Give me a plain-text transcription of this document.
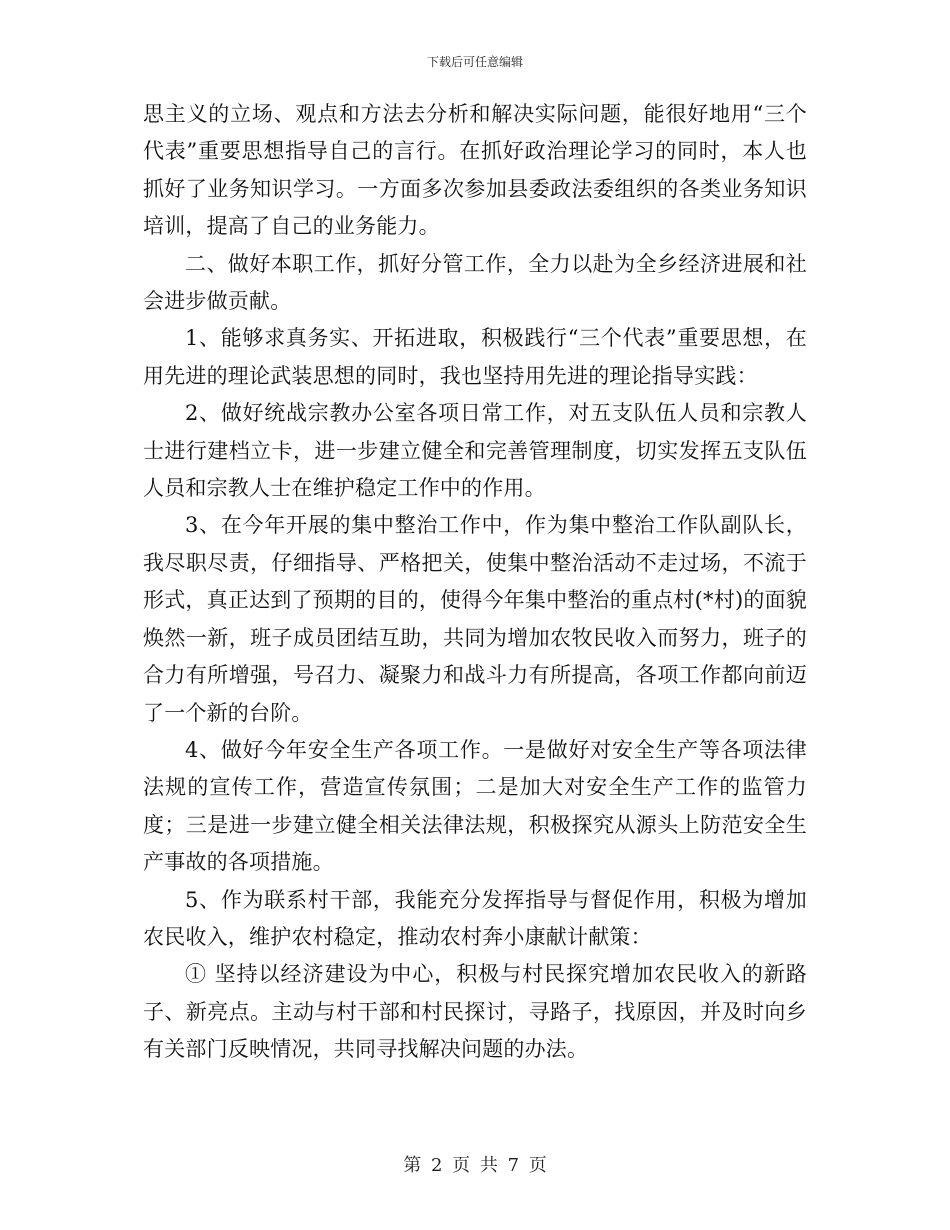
下载后可任意编辑

思主义的立场、观点和方法去分析和解决实际问题，能很好地用“三个代表”重要思想指导自己的言行。在抓好政治理论学习的同时，本人也抓好了业务知识学习。一方面多次参加县委政法委组织的各类业务知识培训，提高了自己的业务能力。

二、做好本职工作，抓好分管工作，全力以赴为全乡经济进展和社会进步做贡献。

1、能够求真务实、开拓进取，积极践行“三个代表”重要思想，在用先进的理论武装思想的同时，我也坚持用先进的理论指导实践：

2、做好统战宗教办公室各项日常工作，对五支队伍人员和宗教人士进行建档立卡，进一步建立健全和完善管理制度，切实发挥五支队伍人员和宗教人士在维护稳定工作中的作用。

3、在今年开展的集中整治工作中，作为集中整治工作队副队长，我尽职尽责，仔细指导、严格把关，使集中整治活动不走过场，不流于形式，真正达到了预期的目的，使得今年集中整治的重点村(*村)的面貌焕然一新，班子成员团结互助，共同为增加农牧民收入而努力，班子的合力有所增强，号召力、凝聚力和战斗力有所提高，各项工作都向前迈了一个新的台阶。

4、做好今年安全生产各项工作。一是做好对安全生产等各项法律法规的宣传工作，营造宣传氛围；二是加大对安全生产工作的监管力度；三是进一步建立健全相关法律法规，积极探究从源头上防范安全生产事故的各项措施。

5、作为联系村干部，我能充分发挥指导与督促作用，积极为增加农民收入，维护农村稳定，推动农村奔小康献计献策：

① 坚持以经济建设为中心，积极与村民探究增加农民收入的新路子、新亮点。主动与村干部和村民探讨，寻路子，找原因，并及时向乡有关部门反映情况，共同寻找解决问题的办法。

第 2 页 共 7 页
